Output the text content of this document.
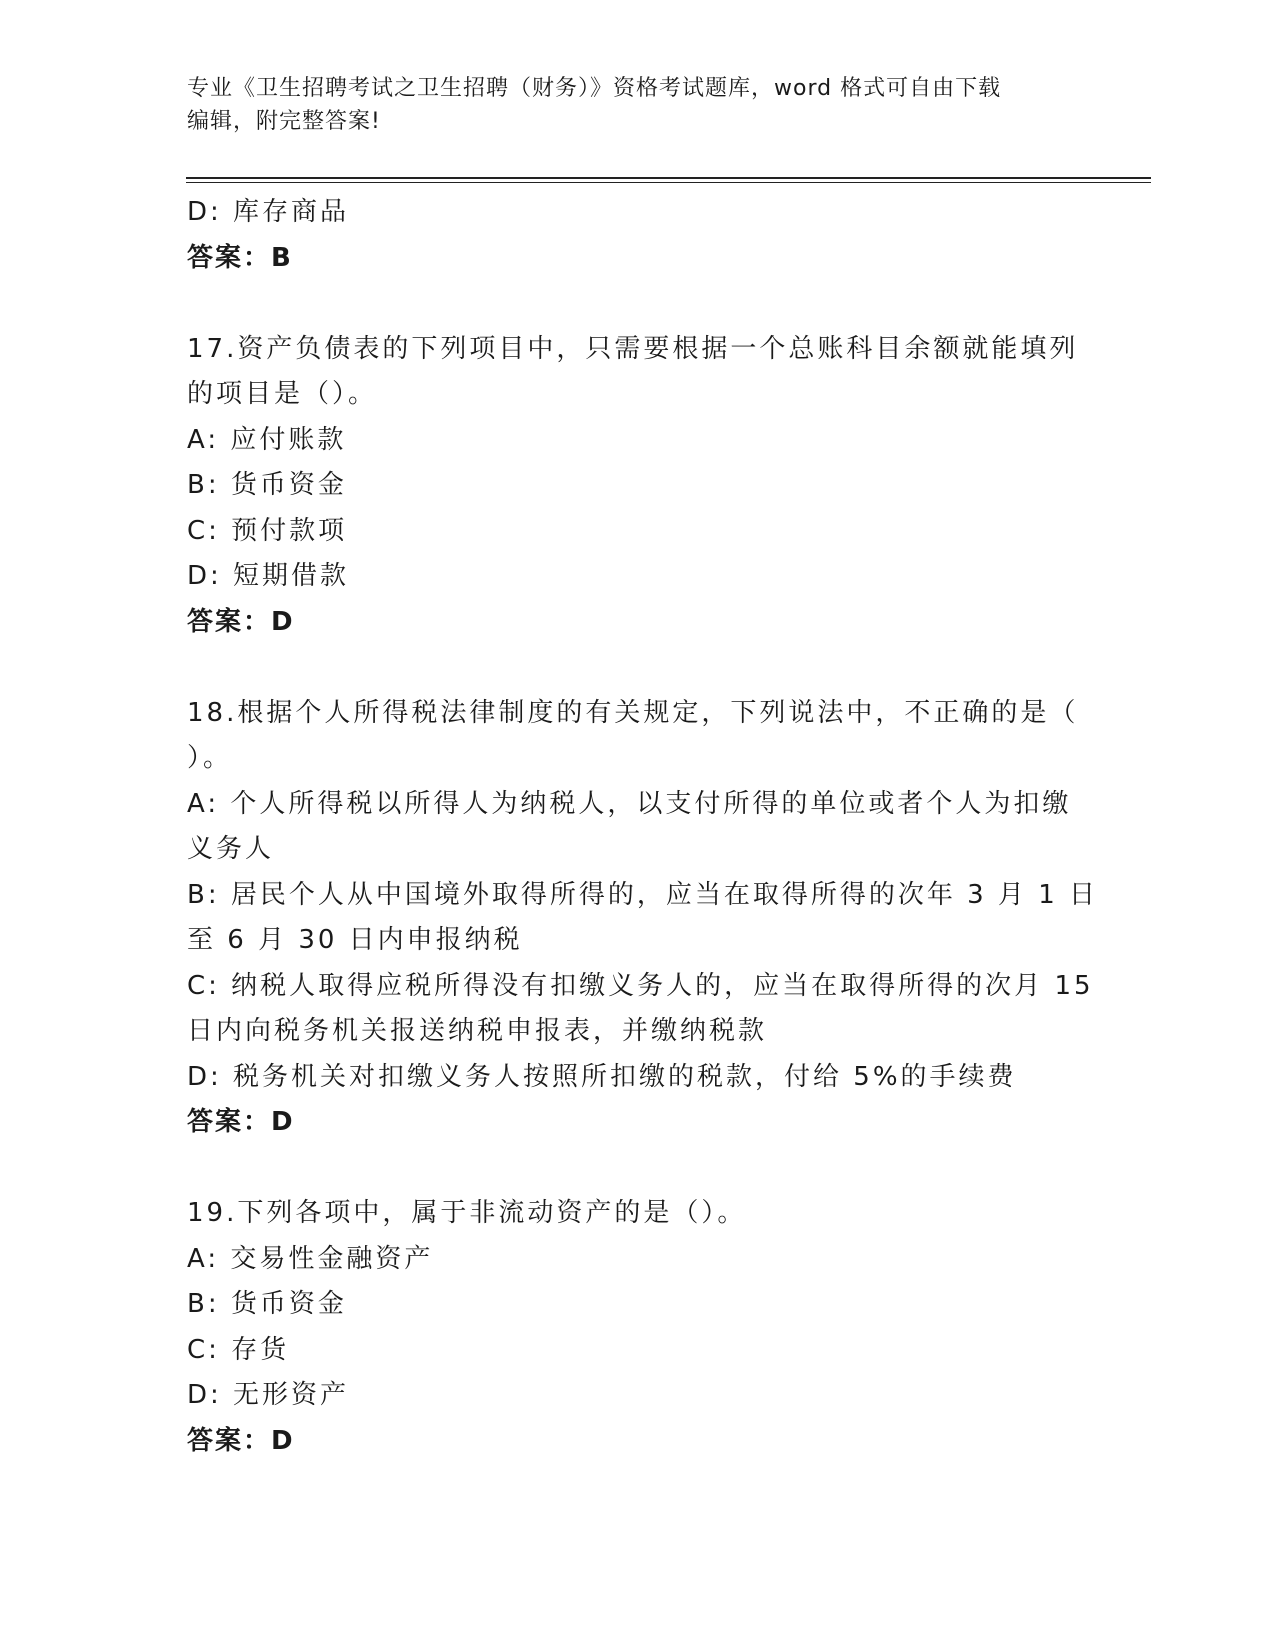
专业《卫生招聘考试之卫生招聘（财务）》资格考试题库，word 格式可自由下载
编辑，附完整答案!
D: 库存商品
答案：B
17.资产负债表的下列项目中，只需要根据一个总账科目余额就能填列
的项目是（）。
A: 应付账款
B: 货币资金
C: 预付款项
D: 短期借款
答案：D
18.根据个人所得税法律制度的有关规定，下列说法中，不正确的是（
）。
A: 个人所得税以所得人为纳税人，以支付所得的单位或者个人为扣缴
义务人
B: 居民个人从中国境外取得所得的，应当在取得所得的次年 3 月 1 日
至 6 月 30 日内申报纳税
C: 纳税人取得应税所得没有扣缴义务人的，应当在取得所得的次月 15
日内向税务机关报送纳税申报表，并缴纳税款
D: 税务机关对扣缴义务人按照所扣缴的税款，付给 5%的手续费
答案：D
19.下列各项中，属于非流动资产的是（）。
A: 交易性金融资产
B: 货币资金
C: 存货
D: 无形资产
答案：D
